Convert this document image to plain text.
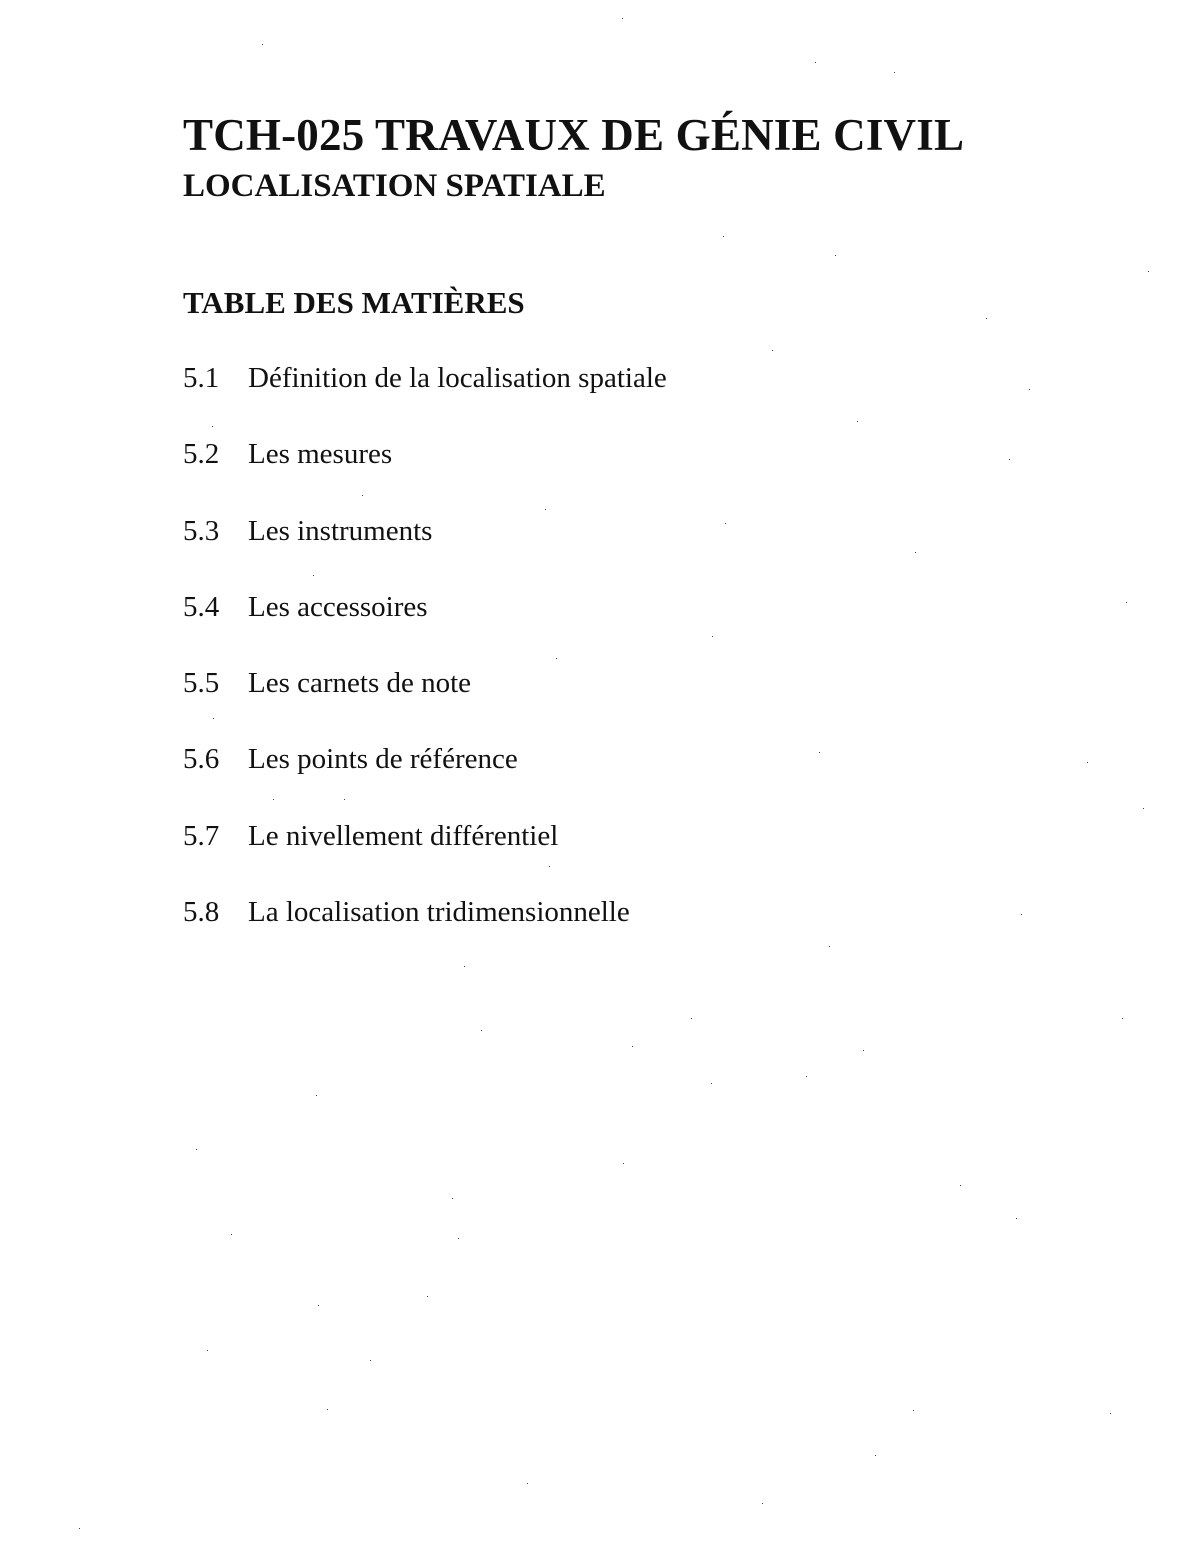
TCH-025 TRAVAUX DE GÉNIE CIVIL
LOCALISATION SPATIALE
TABLE DES MATIÈRES
5.1 Définition de la localisation spatiale
5.2 Les mesures
5.3 Les instruments
5.4 Les accessoires
5.5 Les carnets de note
5.6 Les points de référence
5.7 Le nivellement différentiel
5.8 La localisation tridimensionnelle
